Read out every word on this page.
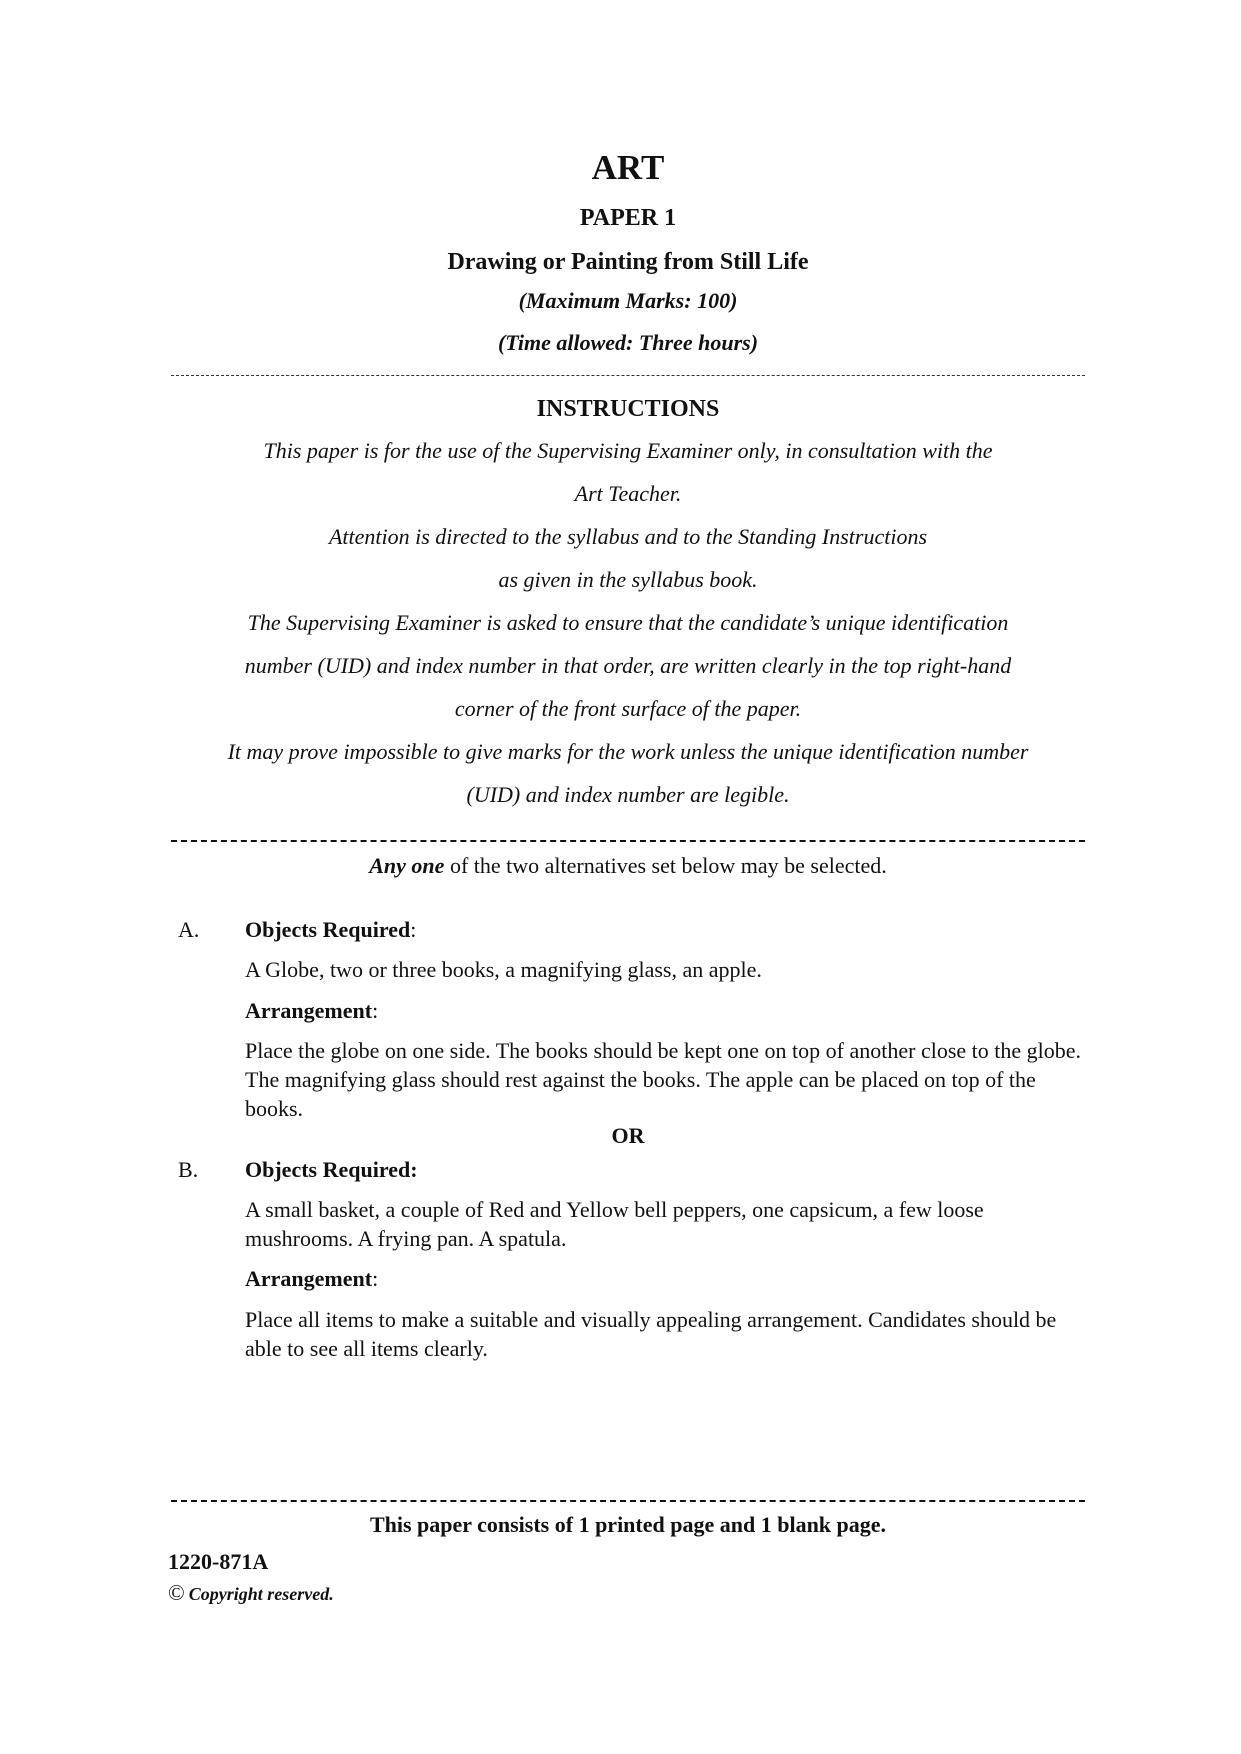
ART
PAPER 1
Drawing or Painting from Still Life
(Maximum Marks: 100)
(Time allowed: Three hours)
INSTRUCTIONS
This paper is for the use of the Supervising Examiner only, in consultation with the
Art Teacher.
Attention is directed to the syllabus and to the Standing Instructions
as given in the syllabus book.
The Supervising Examiner is asked to ensure that the candidate’s unique identification
number (UID) and index number in that order, are written clearly in the top right-hand
corner of the front surface of the paper.
It may prove impossible to give marks for the work unless the unique identification number
(UID) and index number are legible.
Any one of the two alternatives set below may be selected.
A. Objects Required:
A Globe, two or three books, a magnifying glass, an apple.
Arrangement:
Place the globe on one side. The books should be kept one on top of another close to the globe. The magnifying glass should rest against the books. The apple can be placed on top of the books.
OR
B. Objects Required:
A small basket, a couple of Red and Yellow bell peppers, one capsicum, a few loose mushrooms. A frying pan. A spatula.
Arrangement:
Place all items to make a suitable and visually appealing arrangement. Candidates should be able to see all items clearly.
This paper consists of 1 printed page and 1 blank page.
1220-871A
© Copyright reserved.
